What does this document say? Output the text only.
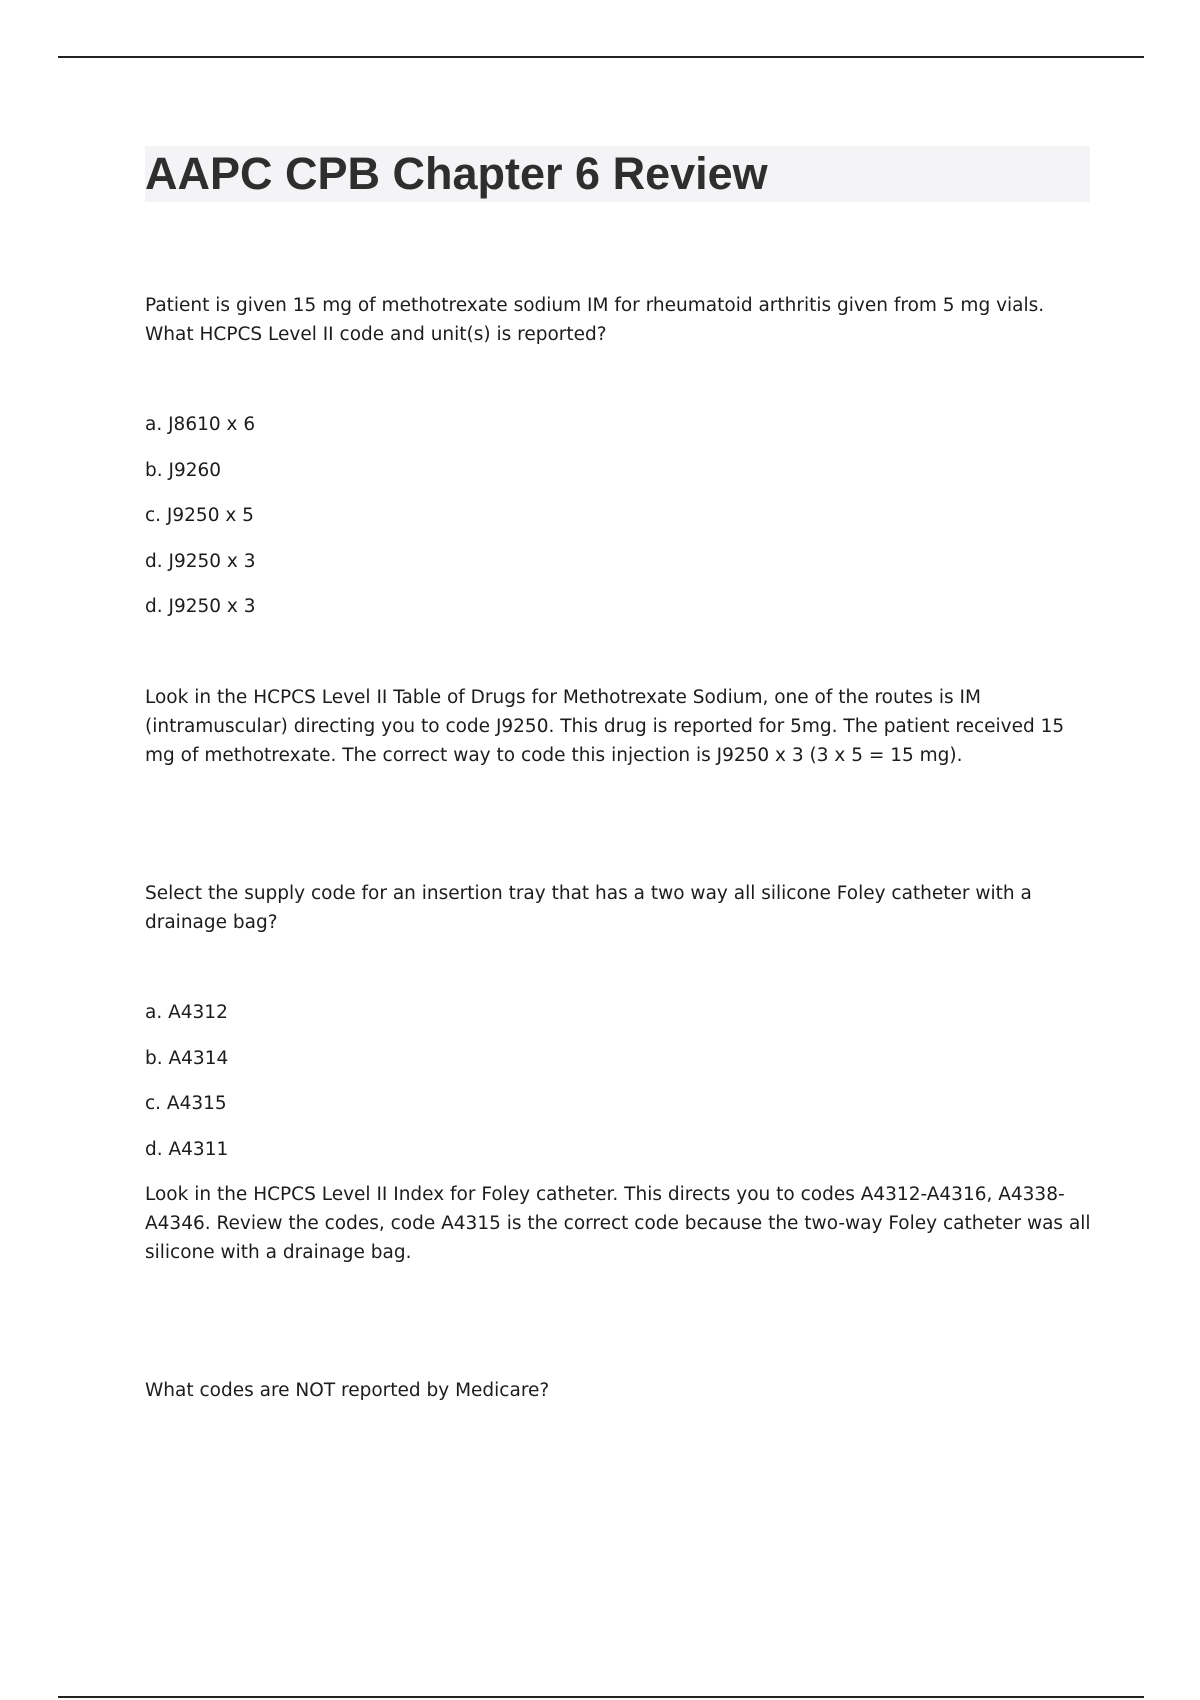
AAPC CPB Chapter 6 Review

Patient is given 15 mg of methotrexate sodium IM for rheumatoid arthritis given from 5 mg vials. What HCPCS Level II code and unit(s) is reported?

a. J8610 x 6

b. J9260

c. J9250 x 5

d. J9250 x 3

d. J9250 x 3

Look in the HCPCS Level II Table of Drugs for Methotrexate Sodium, one of the routes is IM (intramuscular) directing you to code J9250. This drug is reported for 5mg. The patient received 15 mg of methotrexate. The correct way to code this injection is J9250 x 3 (3 x 5 = 15 mg).

Select the supply code for an insertion tray that has a two way all silicone Foley catheter with a drainage bag?

a. A4312

b. A4314

c. A4315

d. A4311

Look in the HCPCS Level II Index for Foley catheter. This directs you to codes A4312-A4316, A4338-A4346. Review the codes, code A4315 is the correct code because the two-way Foley catheter was all silicone with a drainage bag.

What codes are NOT reported by Medicare?
